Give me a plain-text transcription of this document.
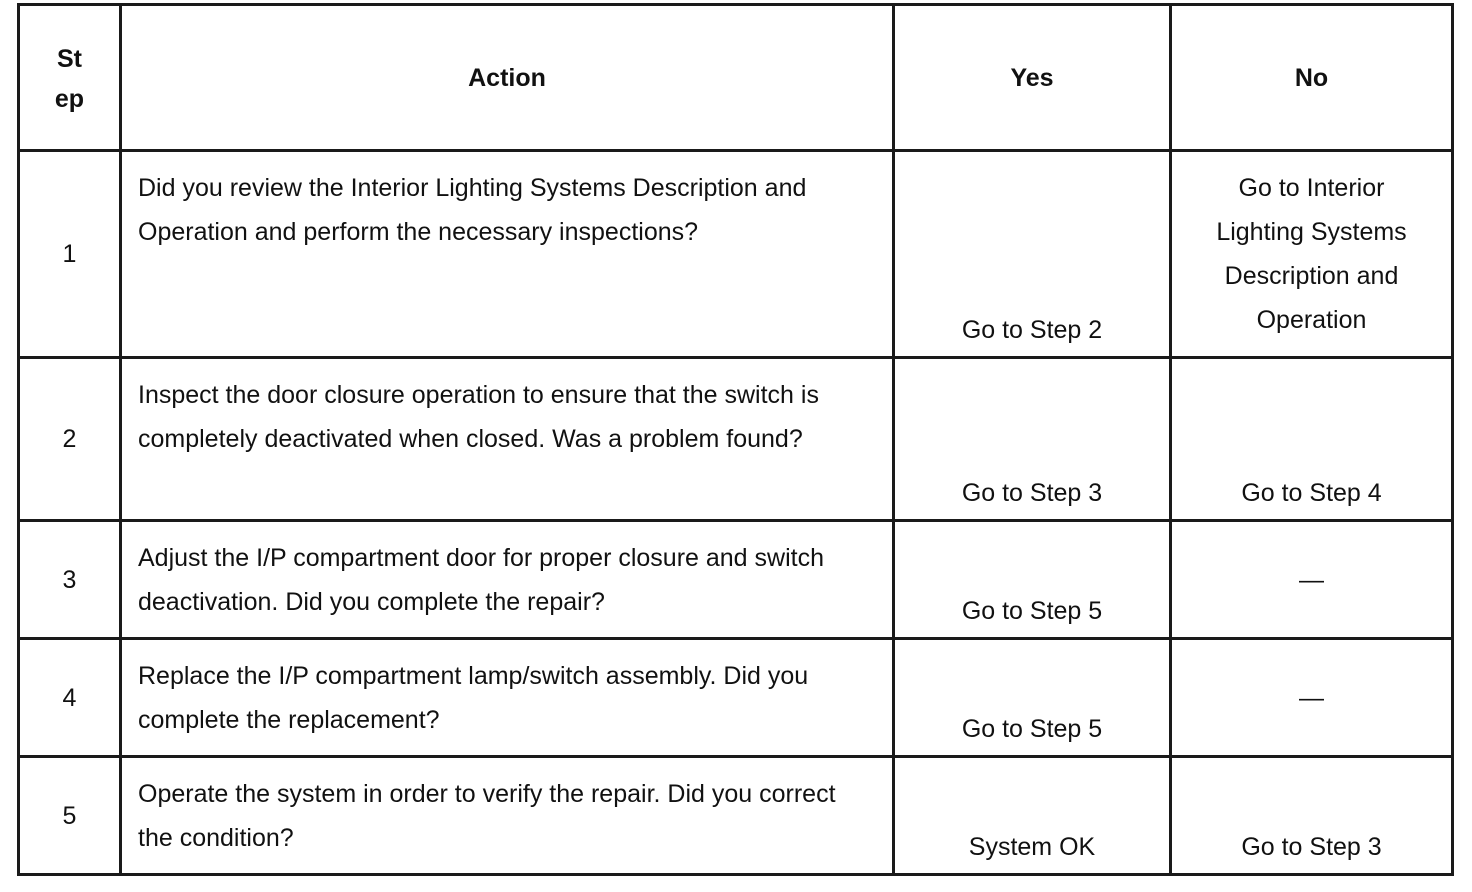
St ep	Action	Yes	No
1	Did you review the Interior Lighting Systems Description and Operation and perform the necessary inspections?	Go to Step 2	Go to Interior Lighting Systems Description and Operation

2	Inspect the door closure operation to ensure that the switch is completely deactivated when closed. Was a problem found?	Go to Step 3	Go to Step 4
3	Adjust the I/P compartment door for proper closure and switch deactivation. Did you complete the repair?	Go to Step 5	—
4	Replace the I/P compartment lamp/switch assembly. Did you complete the replacement?	Go to Step 5	—
5	Operate the system in order to verify the repair. Did you correct the condition?	System OK	Go to Step 3
